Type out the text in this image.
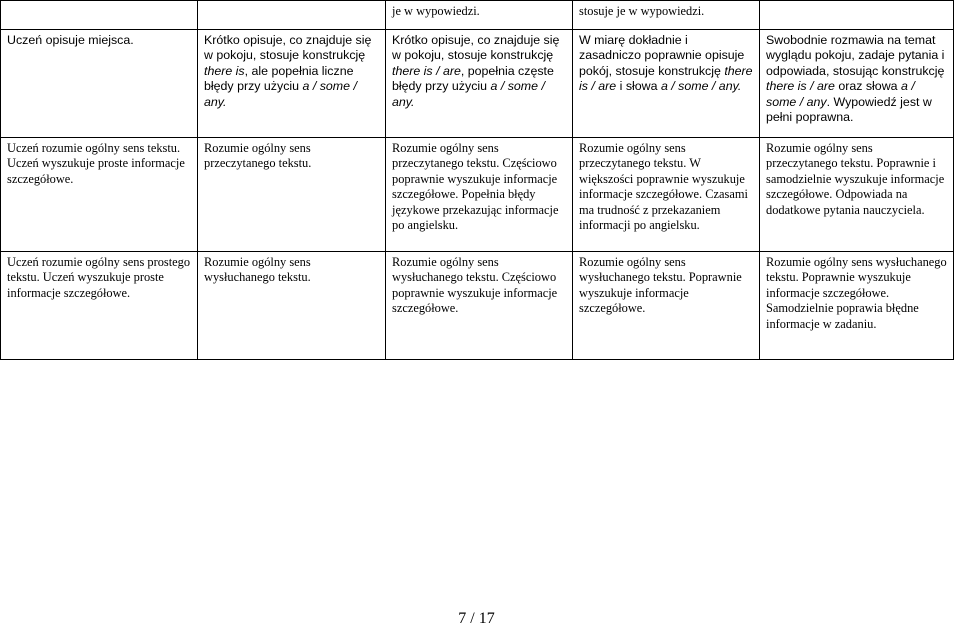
		je w wypowiedzi.	stosuje je w wypowiedzi.	
Uczeń opisuje miejsca.	Krótko opisuje, co znajduje się w pokoju, stosuje konstrukcję there is, ale popełnia liczne błędy przy użyciu a / some / any.	Krótko opisuje, co znajduje się w pokoju, stosuje konstrukcję there is / are, popełnia częste błędy przy użyciu a / some / any.	W miarę dokładnie i zasadniczo poprawnie opisuje pokój, stosuje konstrukcję there is / are i słowa a / some / any.	Swobodnie rozmawia na temat wyglądu pokoju, zadaje pytania i odpowiada, stosując konstrukcję there is / are oraz słowa a / some / any. Wypowiedź jest w pełni poprawna.
Uczeń rozumie ogólny sens tekstu. Uczeń wyszukuje proste informacje szczegółowe.	Rozumie ogólny sens przeczytanego tekstu.	Rozumie ogólny sens przeczytanego tekstu. Częściowo poprawnie wyszukuje informacje szczegółowe. Popełnia błędy językowe przekazując informacje po angielsku.	Rozumie ogólny sens przeczytanego tekstu. W większości poprawnie wyszukuje informacje szczegółowe. Czasami ma trudność z przekazaniem informacji po angielsku.	Rozumie ogólny sens przeczytanego tekstu. Poprawnie i samodzielnie wyszukuje informacje szczegółowe. Odpowiada na dodatkowe pytania nauczyciela.
Uczeń rozumie ogólny sens prostego tekstu. Uczeń wyszukuje proste informacje szczegółowe.	Rozumie ogólny sens wysłuchanego tekstu.	Rozumie ogólny sens wysłuchanego tekstu. Częściowo poprawnie wyszukuje informacje szczegółowe.	Rozumie ogólny sens wysłuchanego tekstu. Poprawnie wyszukuje informacje szczegółowe.	Rozumie ogólny sens wysłuchanego tekstu. Poprawnie wyszukuje informacje szczegółowe. Samodzielnie poprawia błędne informacje w zadaniu.
7 / 17
